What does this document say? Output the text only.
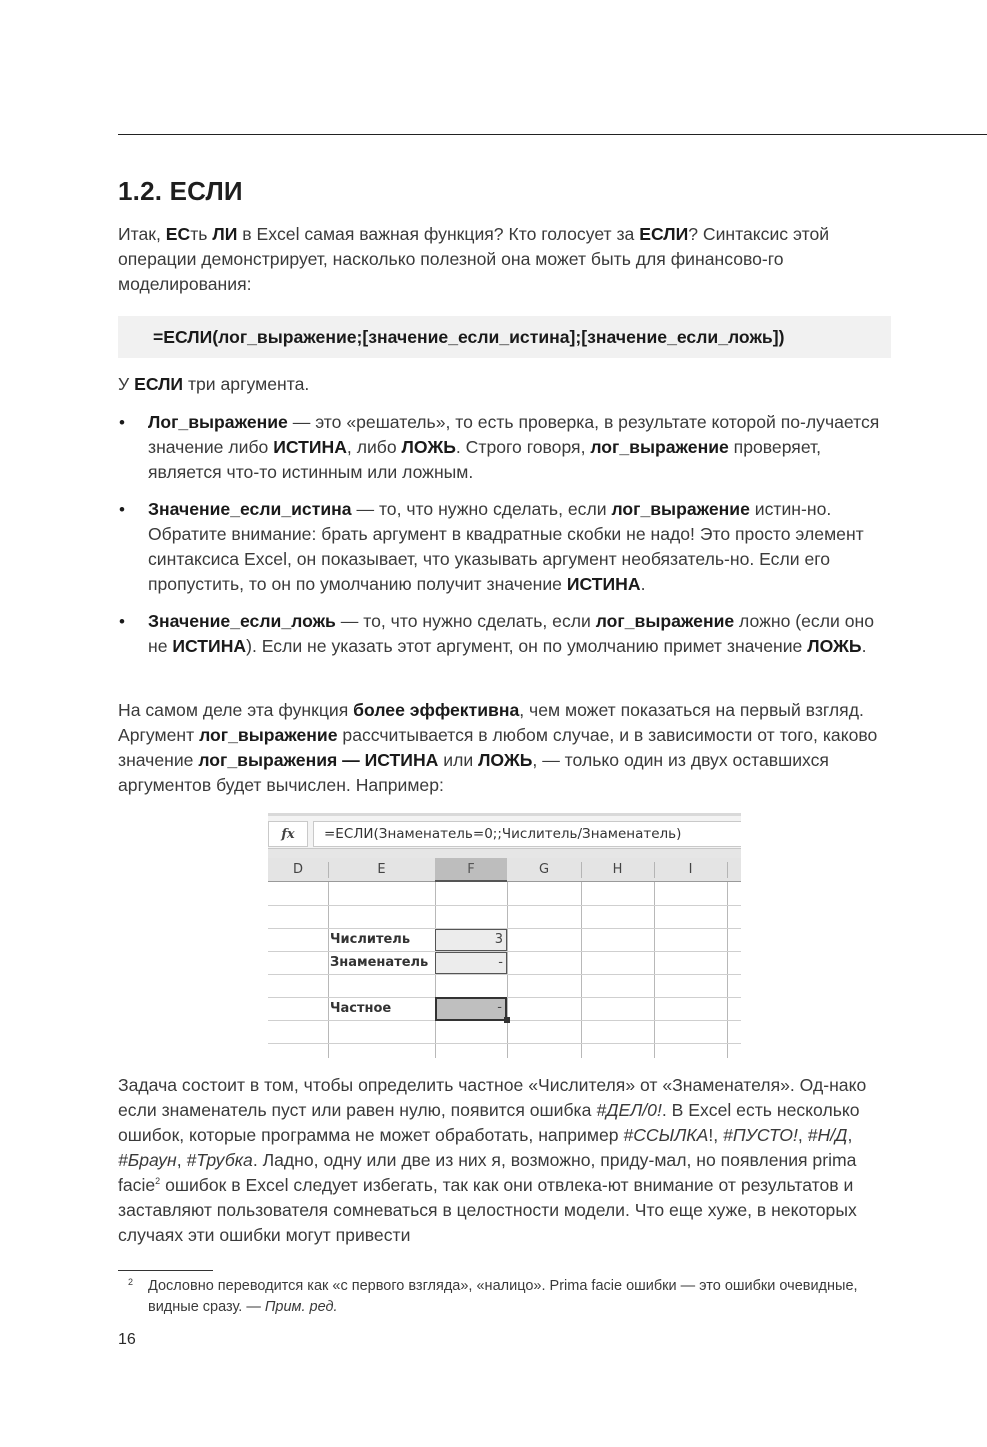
1.2. ЕСЛИ
Итак, ЕСть ЛИ в Excel самая важная функция? Кто голосует за ЕСЛИ? Синтаксис этой операции демонстрирует, насколько полезной она может быть для финансово-го моделирования:
=ЕСЛИ(лог_выражение;[значение_если_истина];[значение_если_ложь])
У ЕСЛИ три аргумента.
• Лог_выражение — это «решатель», то есть проверка, в результате которой по-лучается значение либо ИСТИНА, либо ЛОЖЬ. Строго говоря, лог_выражение проверяет, является что-то истинным или ложным.
• Значение_если_истина — то, что нужно сделать, если лог_выражение истин-но. Обратите внимание: брать аргумент в квадратные скобки не надо! Это просто элемент синтаксиса Excel, он показывает, что указывать аргумент необязатель-но. Если его пропустить, то он по умолчанию получит значение ИСТИНА.
• Значение_если_ложь — то, что нужно сделать, если лог_выражение ложно (если оно не ИСТИНА). Если не указать этот аргумент, он по умолчанию примет значение ЛОЖЬ.
На самом деле эта функция более эффективна, чем может показаться на первый взгляд. Аргумент лог_выражение рассчитывается в любом случае, и в зависимости от того, каково значение лог_выражения — ИСТИНА или ЛОЖЬ, — только один из двух оставшихся аргументов будет вычислен. Например:
fx	=ЕСЛИ(Знаменатель=0;;Числитель/Знаменатель)
D	E	F	G	H	I
Числитель	3
Знаменатель	-
Частное	-
Задача состоит в том, чтобы определить частное «Числителя» от «Знаменателя». Од-нако если знаменатель пуст или равен нулю, появится ошибка #ДЕЛ/0!. В Excel есть несколько ошибок, которые программа не может обработать, например #ССЫЛКА!, #ПУСТО!, #Н/Д, #Браун, #Трубка. Ладно, одну или две из них я, возможно, приду-мал, но появления prima facie$^2$ ошибок в Excel следует избегать, так как они отвлека-ют внимание от результатов и заставляют пользователя сомневаться в целостности модели. Что еще хуже, в некоторых случаях эти ошибки могут привести
2 Дословно переводится как «с первого взгляда», «налицо». Prima facie ошибки — это ошибки очевидные, видные сразу. — Прим. ред.
16
